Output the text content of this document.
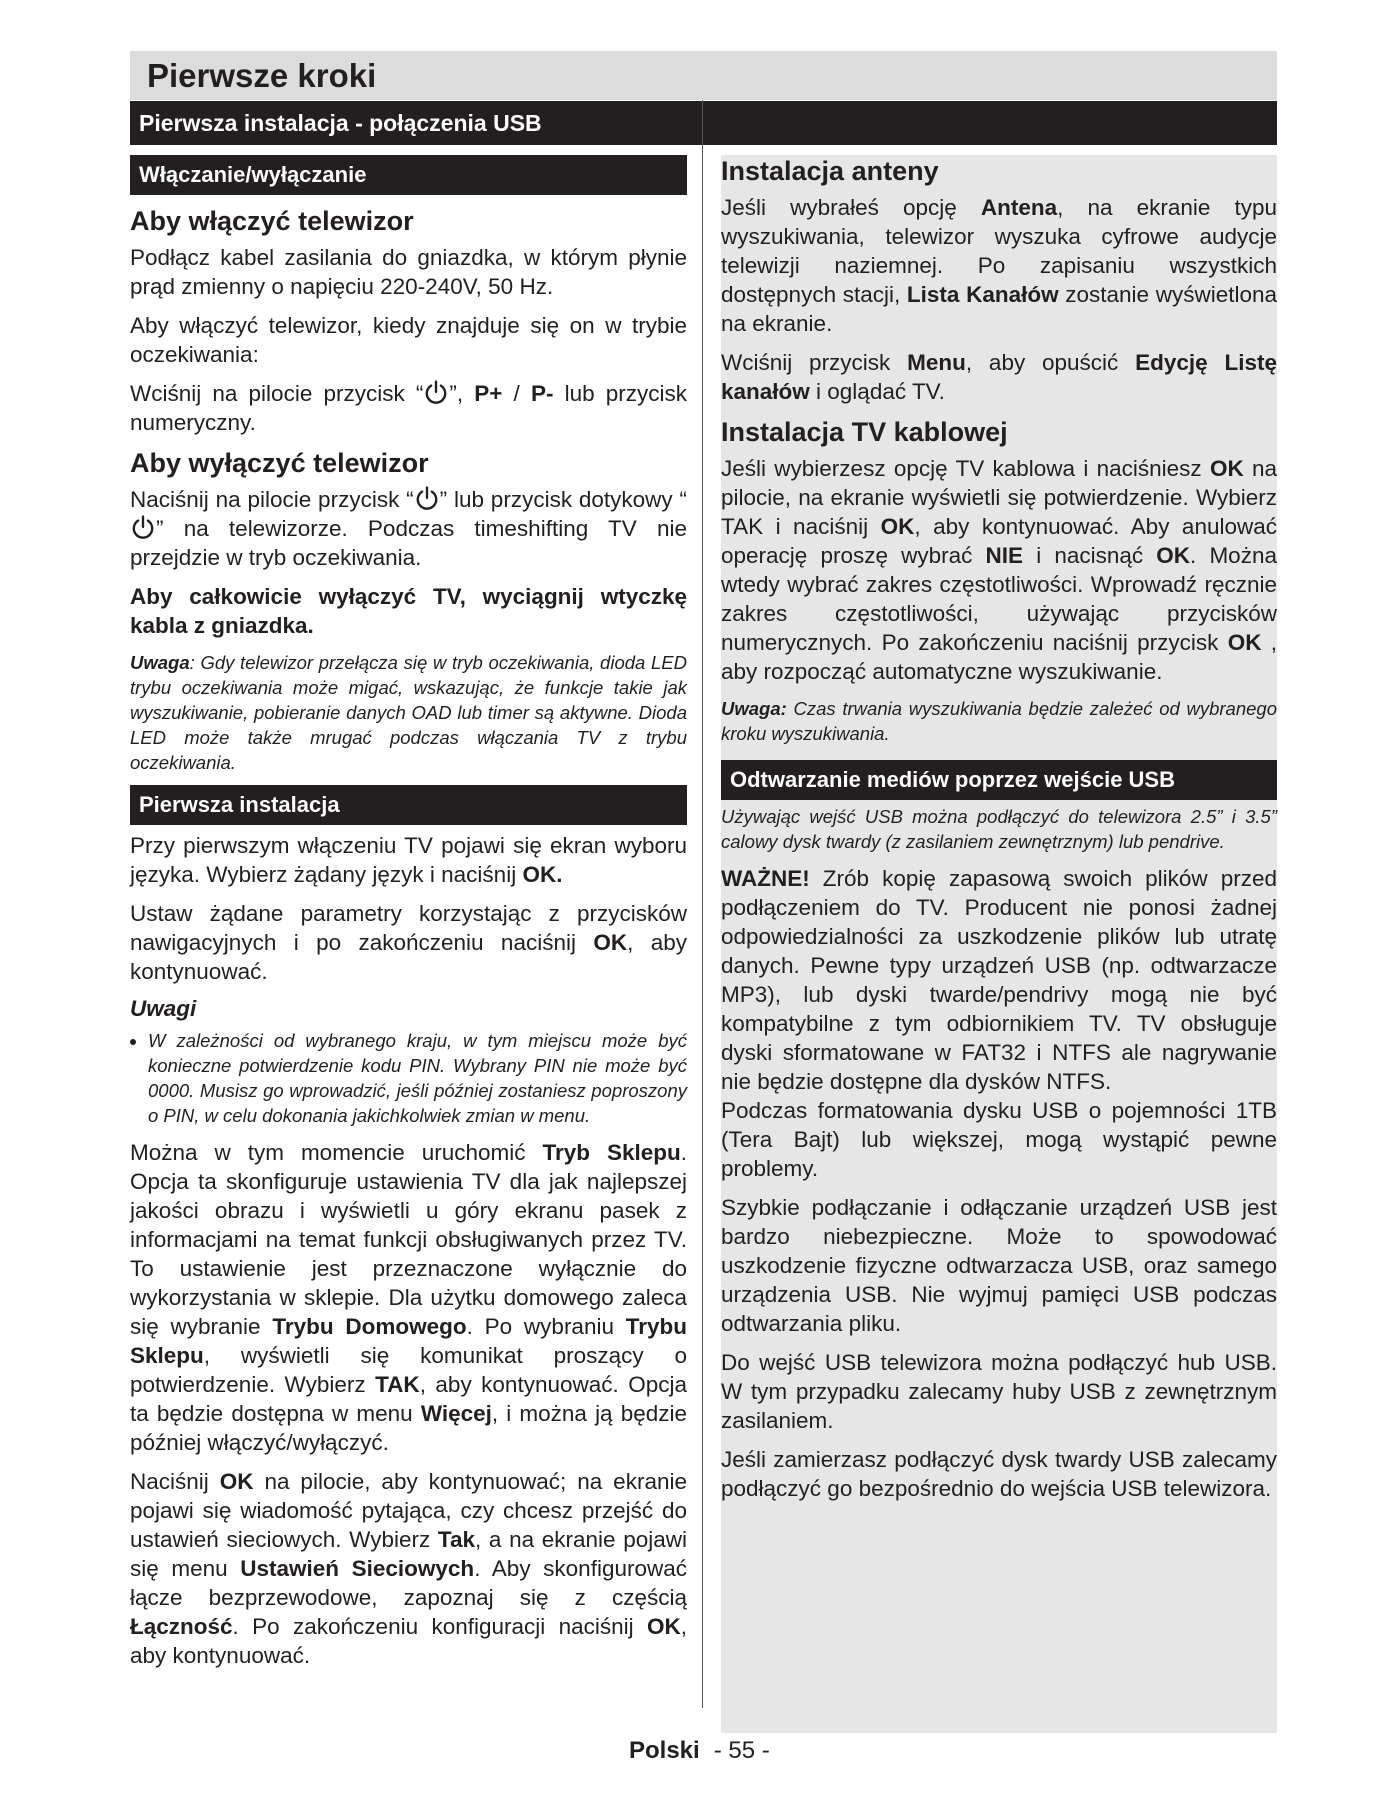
Pierwsze kroki
Pierwsza instalacja - połączenia USB
Włączanie/wyłączanie
Aby włączyć telewizor

Podłącz kabel zasilania do gniazdka, w którym płynie prąd zmienny o napięciu 220-240V, 50 Hz.

Aby włączyć telewizor, kiedy znajduje się on w trybie oczekiwania:

Wciśnij na pilocie przycisk “ ”, P+ / P- lub przycisk numeryczny.

Aby wyłączyć telewizor

Naciśnij na pilocie przycisk “ ” lub przycisk dotykowy “” na telewizorze. Podczas timeshifting TV nie przejdzie w tryb oczekiwania.

Aby całkowicie wyłączyć TV, wyciągnij wtyczkę kabla z gniazdka.

Uwaga: Gdy telewizor przełącza się w tryb oczekiwania, dioda LED trybu oczekiwania może migać, wskazując, że funkcje takie jak wyszukiwanie, pobieranie danych OAD lub timer są aktywne. Dioda LED może także mrugać podczas włączania TV z trybu oczekiwania.

Pierwsza instalacja

Przy pierwszym włączeniu TV pojawi się ekran wyboru języka. Wybierz żądany język i naciśnij OK.

Ustaw żądane parametry korzystając z przycisków nawigacyjnych i po zakończeniu naciśnij OK, aby kontynuować.

Uwagi
• W zależności od wybranego kraju, w tym miejscu może być konieczne potwierdzenie kodu PIN. Wybrany PIN nie może być 0000. Musisz go wprowadzić, jeśli później zostaniesz poproszony o PIN, w celu dokonania jakichkolwiek zmian w menu.

Można w tym momencie uruchomić Tryb Sklepu. Opcja ta skonfiguruje ustawienia TV dla jak najlepszej jakości obrazu i wyświetli u góry ekranu pasek z informacjami na temat funkcji obsługiwanych przez TV. To ustawienie jest przeznaczone wyłącznie do wykorzystania w sklepie. Dla użytku domowego zaleca się wybranie Trybu Domowego. Po wybraniu Trybu Sklepu, wyświetli się komunikat proszący o potwierdzenie. Wybierz TAK, aby kontynuować. Opcja ta będzie dostępna w menu Więcej, i można ją będzie później włączyć/wyłączyć.

Naciśnij OK na pilocie, aby kontynuować; na ekranie pojawi się wiadomość pytająca, czy chcesz przejść do ustawień sieciowych. Wybierz Tak, a na ekranie pojawi się menu Ustawień Sieciowych. Aby skonfigurować łącze bezprzewodowe, zapoznaj się z częścią Łączność. Po zakończeniu konfiguracji naciśnij OK, aby kontynuować.

Instalacja anteny

Jeśli wybrałeś opcję Antena, na ekranie typu wyszukiwania, telewizor wyszuka cyfrowe audycje telewizji naziemnej. Po zapisaniu wszystkich dostępnych stacji, Lista Kanałów zostanie wyświetlona na ekranie.

Wciśnij przycisk Menu, aby opuścić Edycję Listę kanałów i oglądać TV.

Instalacja TV kablowej

Jeśli wybierzesz opcję TV kablowa i naciśniesz OK na pilocie, na ekranie wyświetli się potwierdzenie. Wybierz TAK i naciśnij OK, aby kontynuować. Aby anulować operację proszę wybrać NIE i nacisnąć OK. Można wtedy wybrać zakres częstotliwości. Wprowadź ręcznie zakres częstotliwości, używając przycisków numerycznych. Po zakończeniu naciśnij przycisk OK , aby rozpocząć automatyczne wyszukiwanie.

Uwaga: Czas trwania wyszukiwania będzie zależeć od wybranego kroku wyszukiwania.

Odtwarzanie mediów poprzez wejście USB

Używając wejść USB można podłączyć do telewizora 2.5” i 3.5” calowy dysk twardy (z zasilaniem zewnętrznym) lub pendrive.

WAŻNE! Zrób kopię zapasową swoich plików przed podłączeniem do TV. Producent nie ponosi żadnej odpowiedzialności za uszkodzenie plików lub utratę danych. Pewne typy urządzeń USB (np. odtwarzacze MP3), lub dyski twarde/pendrivy mogą nie być kompatybilne z tym odbiornikiem TV. TV obsługuje dyski sformatowane w FAT32 i NTFS ale nagrywanie nie będzie dostępne dla dysków NTFS.

Podczas formatowania dysku USB o pojemności 1TB (Tera Bajt) lub większej, mogą wystąpić pewne problemy.

Szybkie podłączanie i odłączanie urządzeń USB jest bardzo niebezpieczne. Może to spowodować uszkodzenie fizyczne odtwarzacza USB, oraz samego urządzenia USB. Nie wyjmuj pamięci USB podczas odtwarzania pliku.

Do wejść USB telewizora można podłączyć hub USB. W tym przypadku zalecamy huby USB z zewnętrznym zasilaniem.

Jeśli zamierzasz podłączyć dysk twardy USB zalecamy podłączyć go bezpośrednio do wejścia USB telewizora.

Polski - 55 -
